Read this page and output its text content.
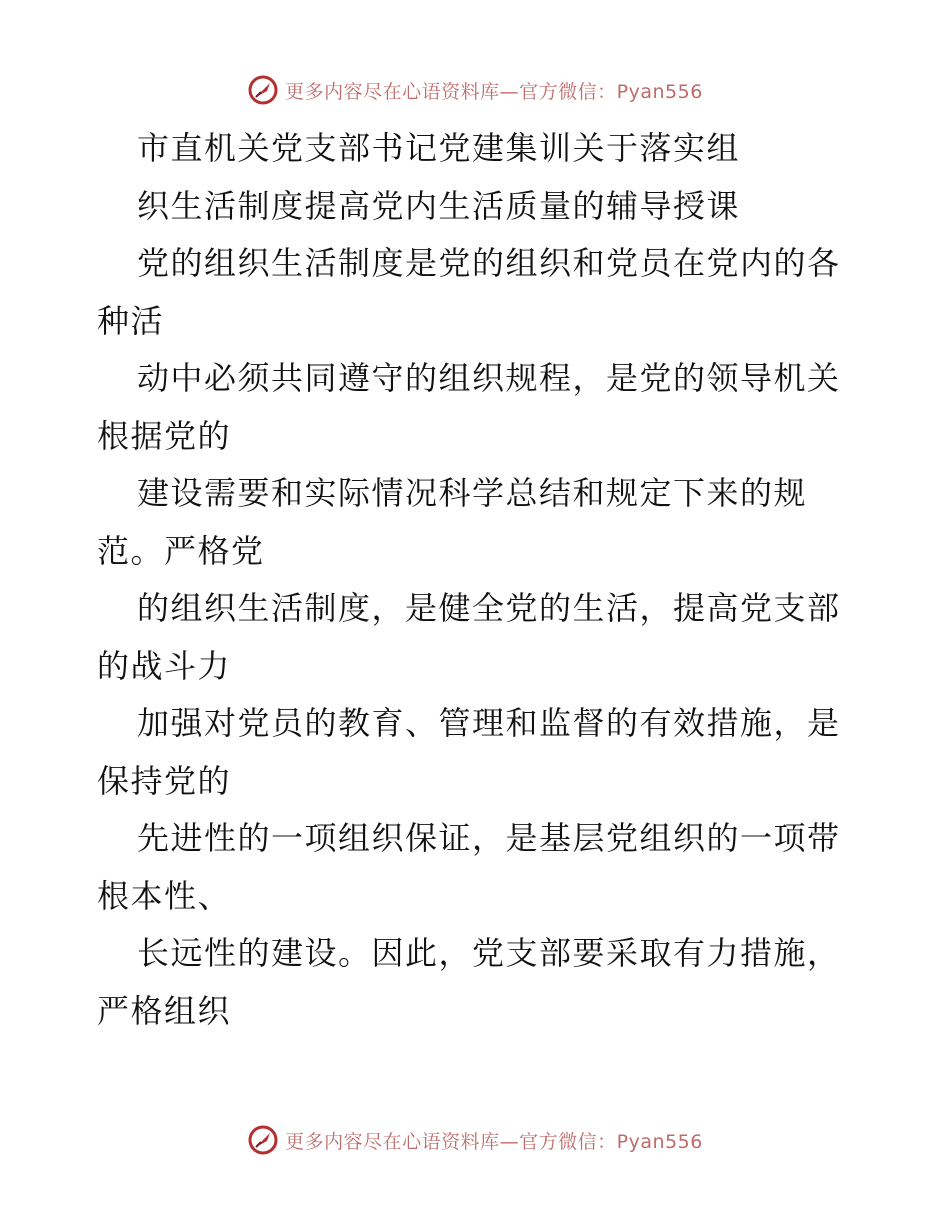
更多内容尽在心语资料库—官方微信：Pyan556
市直机关党支部书记党建集训关于落实组
织生活制度提高党内生活质量的辅导授课
党的组织生活制度是党的组织和党员在党内的各
种活
动中必须共同遵守的组织规程，是党的领导机关
根据党的
建设需要和实际情况科学总结和规定下来的规
范。严格党
的组织生活制度，是健全党的生活，提高党支部
的战斗力
加强对党员的教育、管理和监督的有效措施，是
保持党的
先进性的一项组织保证，是基层党组织的一项带
根本性、
长远性的建设。因此，党支部要采取有力措施，
严格组织
更多内容尽在心语资料库—官方微信：Pyan556
